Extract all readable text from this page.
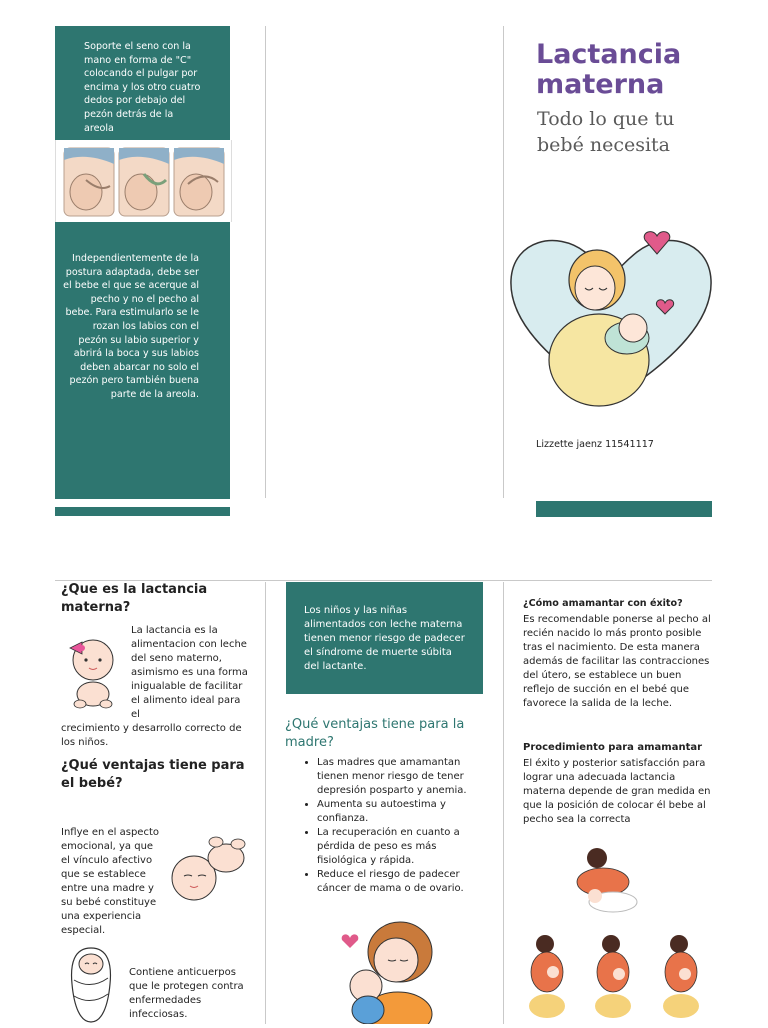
Soporte el seno con la mano en forma de "C" colocando el pulgar por encima y los otro cuatro dedos por debajo del pezón detrás de la areola
Independientemente de la postura adaptada, debe ser el bebe el que se acerque al pecho y no el pecho al bebe. Para estimularlo se le rozan los labios con el pezón su labio superior y abrirá la boca y sus labios deben abarcar no solo el pezón pero también buena parte de la areola.
Lactancia
materna
Todo lo que tu
bebé necesita
Lizzette jaenz 11541117
¿Que es la lactancia materna?
La lactancia es la alimentacion con leche del seno materno, asimismo es una forma inigualable de facilitar el alimento ideal para el
crecimiento y desarrollo correcto de los niños.
¿Qué ventajas tiene para el bebé?
Inflye en el aspecto emocional, ya que el vínculo afectivo que se establece entre una madre y su bebé constituye una experiencia especial.
Contiene anticuerpos que le protegen contra enfermedades infecciosas.
Los niños y las niñas alimentados con leche materna tienen menor riesgo de padecer el síndrome de muerte súbita del lactante.
¿Qué ventajas tiene para la madre?
• Las madres que amamantan tienen menor riesgo de tener depresión posparto y anemia.
• Aumenta su autoestima y confianza.
• La recuperación en cuanto a pérdida de peso es más fisiológica y rápida.
• Reduce el riesgo de padecer cáncer de mama o de ovario.
¿Cómo amamantar con éxito?
Es recomendable ponerse al pecho al recién nacido lo más pronto posible tras el nacimiento. De esta manera además de facilitar las contracciones del útero, se establece un buen reflejo de succión en el bebé que favorece la salida de la leche.
Procedimiento para amamantar
El éxito y posterior satisfacción para lograr una adecuada lactancia materna depende de gran medida en que la posición de colocar él bebe al pecho sea la correcta
